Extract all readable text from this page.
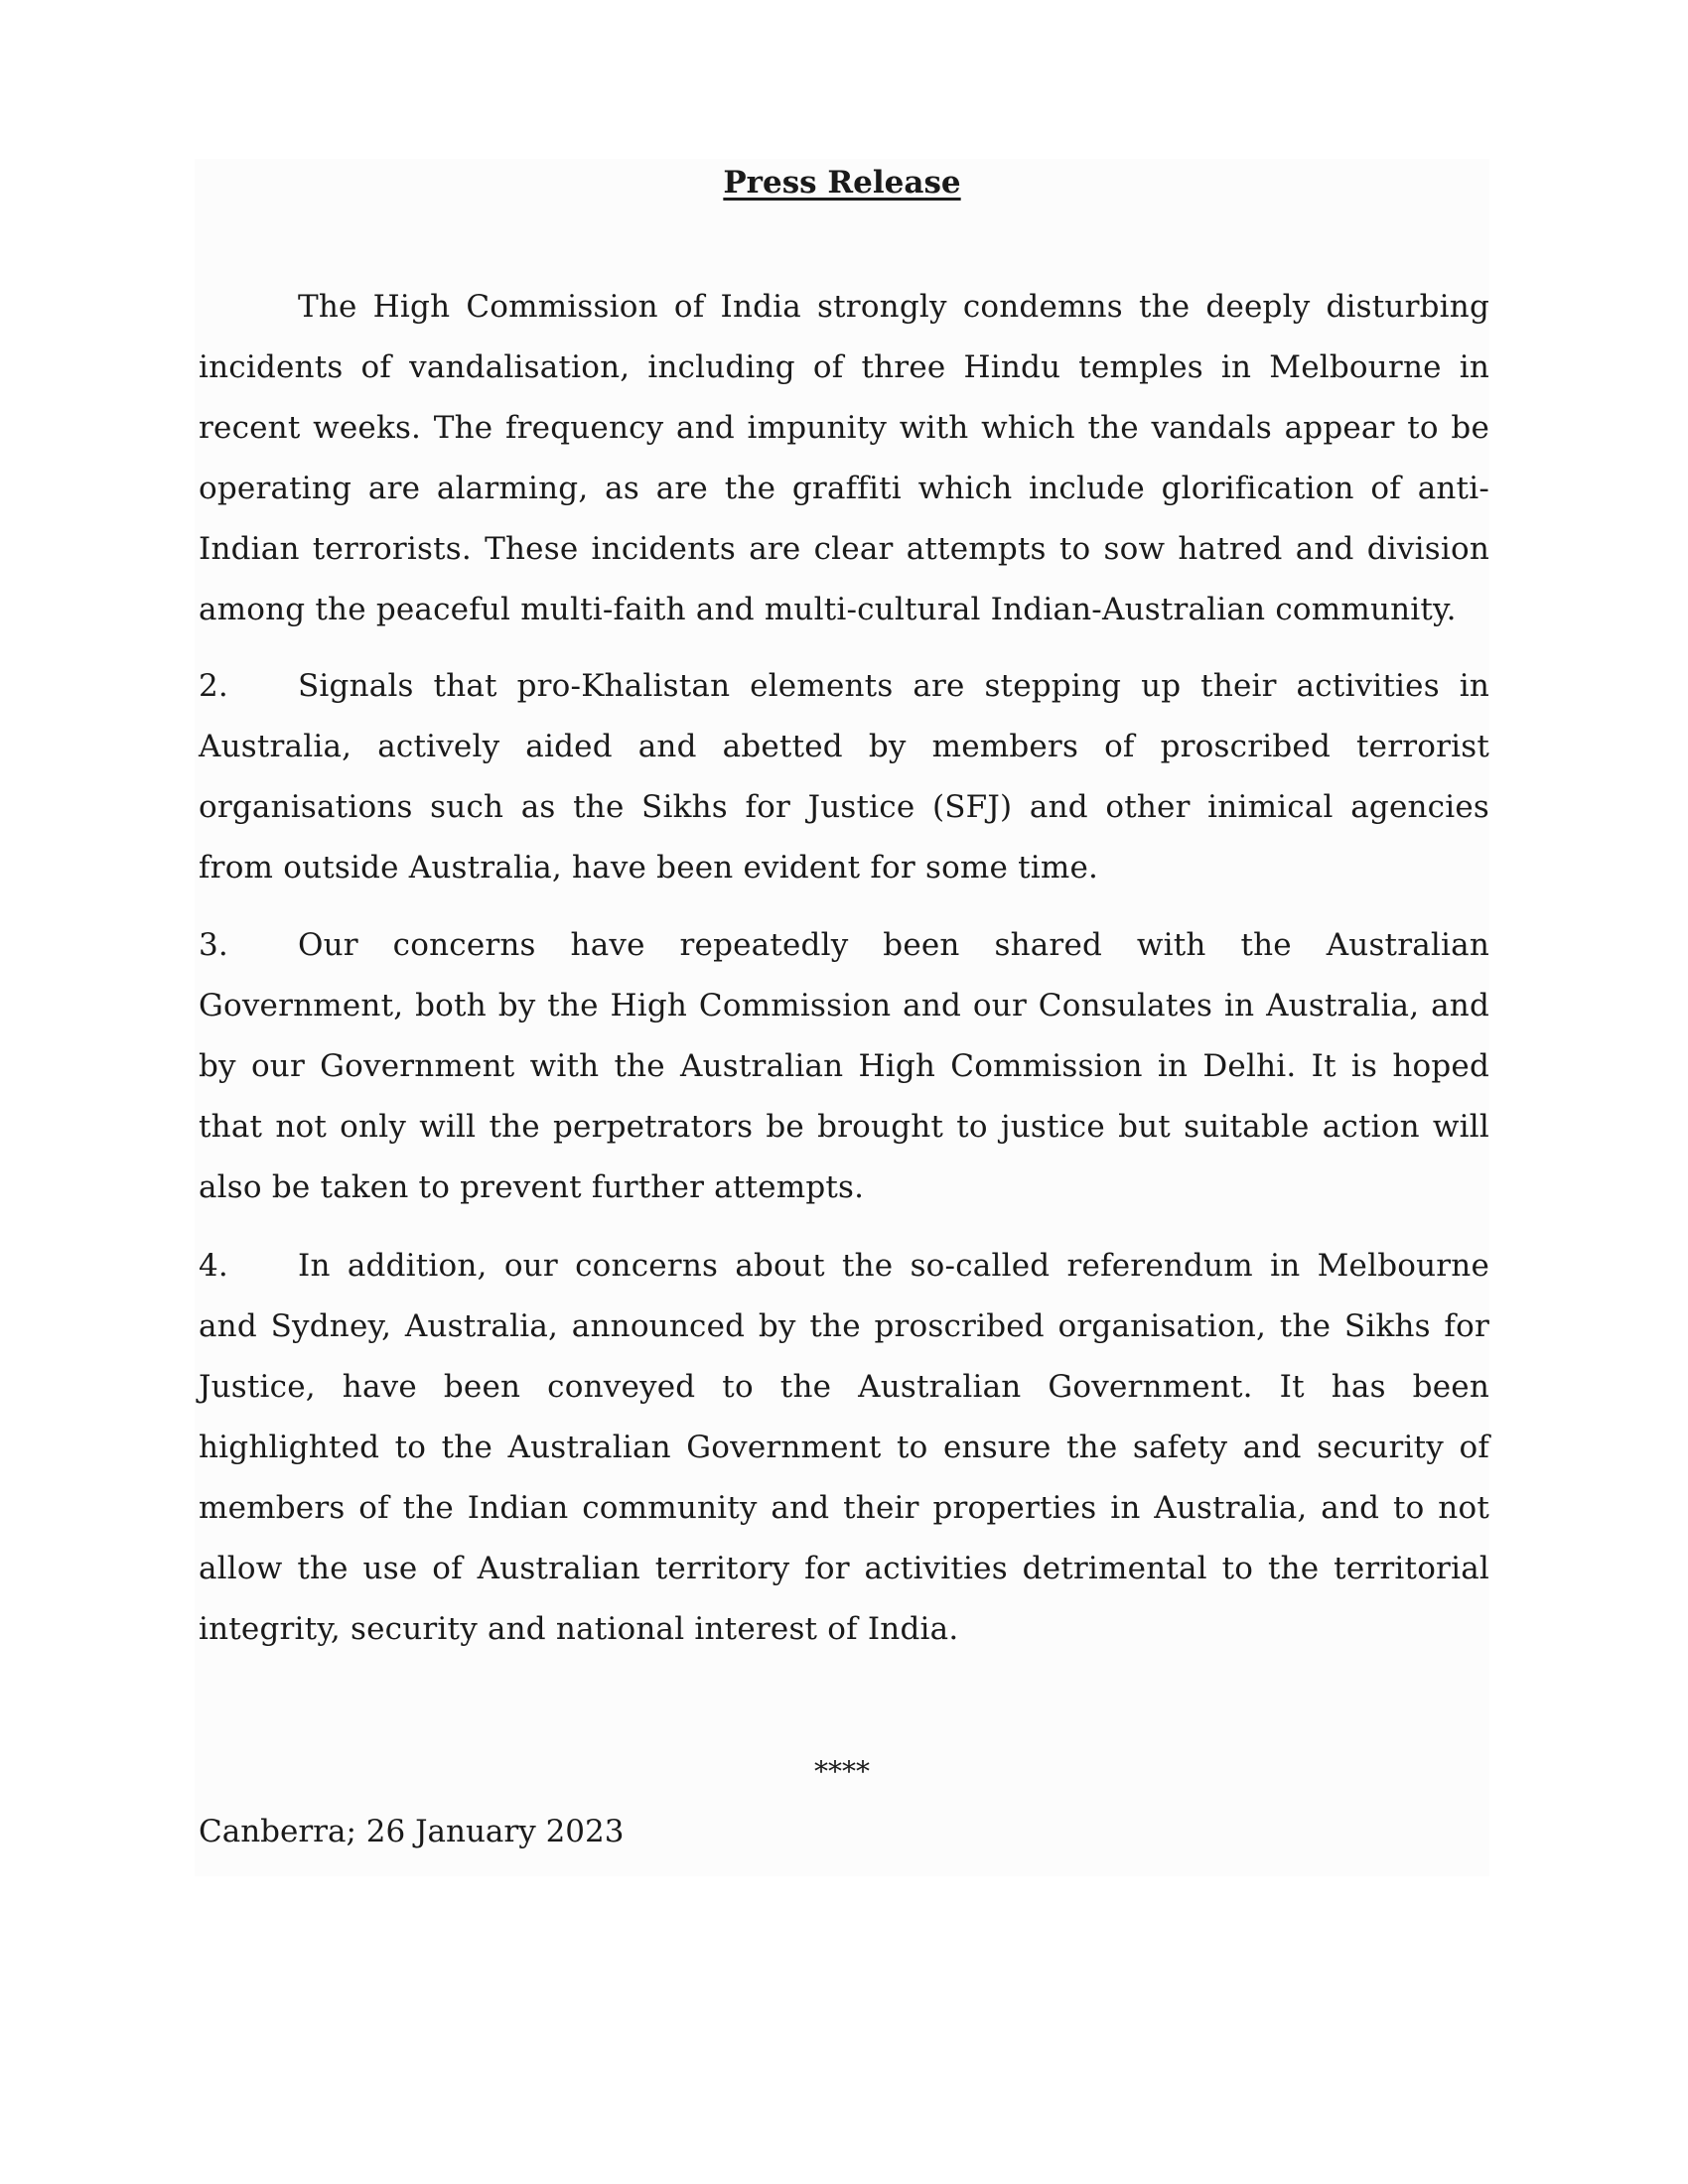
Press Release

The High Commission of India strongly condemns the deeply disturbing incidents of vandalisation, including of three Hindu temples in Melbourne in recent weeks. The frequency and impunity with which the vandals appear to be operating are alarming, as are the graffiti which include glorification of anti-Indian terrorists. These incidents are clear attempts to sow hatred and division among the peaceful multi-faith and multi-cultural Indian-Australian community.

2. Signals that pro-Khalistan elements are stepping up their activities in Australia, actively aided and abetted by members of proscribed terrorist organisations such as the Sikhs for Justice (SFJ) and other inimical agencies from outside Australia, have been evident for some time.

3. Our concerns have repeatedly been shared with the Australian Government, both by the High Commission and our Consulates in Australia, and by our Government with the Australian High Commission in Delhi. It is hoped that not only will the perpetrators be brought to justice but suitable action will also be taken to prevent further attempts.

4. In addition, our concerns about the so-called referendum in Melbourne and Sydney, Australia, announced by the proscribed organisation, the Sikhs for Justice, have been conveyed to the Australian Government. It has been highlighted to the Australian Government to ensure the safety and security of members of the Indian community and their properties in Australia, and to not allow the use of Australian territory for activities detrimental to the territorial integrity, security and national interest of India.

****

Canberra; 26 January 2023
